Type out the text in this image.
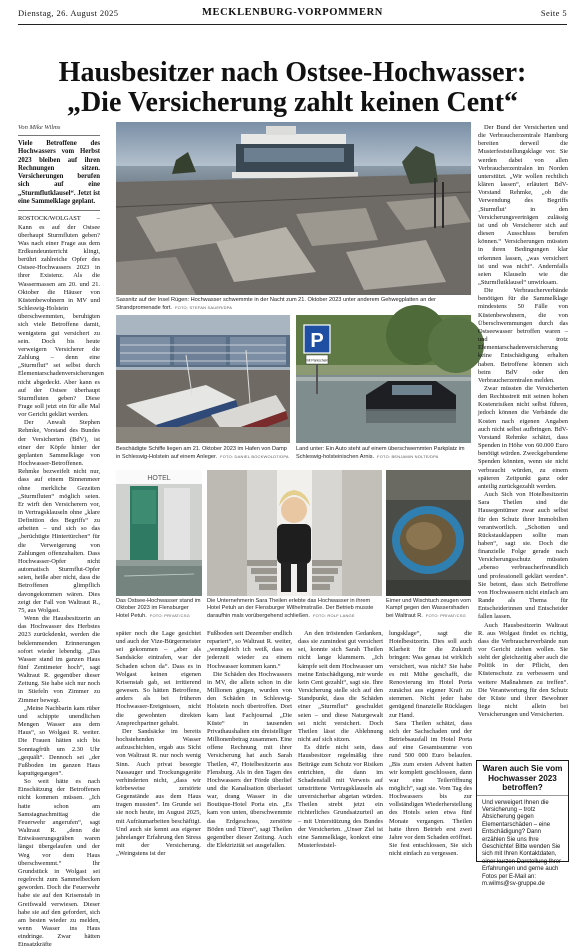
Dienstag, 26. August 2025	MECKLENBURG-VORPOMMERN	Seite 5
Hausbesitzer nach Ostsee-Hochwasser:
„Die Versicherung zahlt keinen Cent“
Von Mike Wilms
Viele Betroffene des Hochwassers vom Herbst 2023 bleiben auf ihren Rechnungen sitzen. Versicherungen berufen sich auf eine „Sturmflutklausel“. Jetzt ist eine Sammelklage geplant.

ROSTOCK/WOLGAST – Kann es auf der Ostsee überhaupt Sturmfluten geben? Was nach einer Frage aus dem Erdkundeunterricht klingt, berührt zahlreiche Opfer des Ostsee-Hochwassers 2023 in ihrer Existenz. Als die Wassermassen am 20. und 21. Oktober die Häuser von Küstenbewohnern in MV und Schleswig-Holstein überschwemmten, beruhigten sich viele Betroffene damit, wenigstens gut versichert zu sein. Doch bis heute verweigern Versicherer die Zahlung – denn eine „Sturmflut“ sei selbst durch Elementarschadenversicherungen nicht abgedeckt. Aber kann es auf der Ostsee überhaupt Sturmfluten geben? Diese Frage soll jetzt ein für alle Mal vor Gericht geklärt werden.

Der Anwalt Stephen Rehmke, Vorstand des Bundes der Versicherten (BdV), ist einer der Köpfe hinter der geplanten Sammelklage von Hochwasser-Betroffenen. Rehmke bezweifelt nicht nur, dass auf einem Binnenmeer ohne merkliche Gezeiten „Sturmfluten“ möglich seien. Er wirft den Versicherern vor, in Vertragsklauseln ohne „klare Definition des Begriffs“ zu arbeiten – und sich so das „berüchtigte Hintertürchen“ für die Verweigerung von Zahlungen offenzuhalten. Dass Hochwasser-Opfer nicht automatisch Sturmflut-Opfer seien, heiße aber nicht, dass die Betroffenen glimpflich davongekommen wären. Dies zeigt der Fall von Waltraut R., 75, aus Wolgast.

Wenn die Hausbesitzerin an das Hochwasser des Herbstes 2023 zurückdenkt, werden die beklemmenden Erinnerungen sofort wieder lebendig. „Das Wasser stand im ganzen Haus fünf Zentimeter hoch“, sagt Waltraut R. gegenüber dieser Zeitung. Sie habe sich nur noch in Stiefeln von Zimmer zu Zimmer bewegt.

„Meine Nachbarin kam rüber und schippte unendlichen Mengen Wasser aus dem Haus“, so Wolgast R. weiter. Die Frauen hätten sich bis Sonntagfrüh um 2.30 Uhr „gequält“. Dennoch sei „der Fußboden im ganzen Haus kaputtgegangen“.

So weit hätte es nach Einschätzung der Betroffenen nicht kommen müssen. „Ich hatte schon am Samstagnachmittag die Feuerwehr angerufen“, sagt Waltraut R. „denn die Entwässerungsgräben waren längst übergelaufen und der Weg vor dem Haus überschwemmt.“ Ihr Grundstück in Wolgast sei regelrecht zum Sammelbecken geworden. Doch die Feuerwehr habe sie auf den Krisenstab in Greifswald verwiesen. Dieser habe sie auf den gefordert, sich am besten wieder zu melden, wenn Wasser ins Haus eindringe. Zwar hätten Einsatzkräfte

Sassnitz auf der Insel Rügen: Hochwasser schwemmte in der Nacht zum 21. Oktober 2023 unter anderem Gehwegplatten an der Strandpromenade fort. FOTO: STEFAN SAUER/DPA
Beschädigte Schiffe liegen am 21. Oktober 2023 im Hafen von Damp in Schleswig-Holstein auf einem Anleger. FOTO: DANIEL BOCKWOLDT/DPA
P
mit Parkschein
Land unter: Ein Auto steht auf einem überschwemmten Parkplatz im Schleswig-holsteinischen Arnis. FOTO: BENJAMIN NOLTE/DPA
HOTEL
Das Ostsee-Hochwasser stand im Oktober 2023 im Flensburger Hotel Petuh. FOTO: PRIVAT/CSG
Die Unternehmerin Sara Theilen erlebte das Hochwasser in ihrem Hotel Petuh an der Flensburger Wilhelmstraße. Der Betrieb musste daraufhin mals vorübergehend schließen. FOTO: ROLF LANGE
Eimer und Wischtuch zeugen vom Kampf gegen den Wassershaden bei Waltraut R. FOTO: PRIVAT/CSG

später noch die Lage gesichtet und auch der Vize-Bürgermeister sei gekommen – „aber als Sandsäcke eintrafen, war der Schaden schon da“. Dass es in Wolgast keinen eigenen Krisenstab gab, sei irritierend gewesen. So hätten Betroffene, anders als bei früheren Hochwasser-Ereignissen, nicht die gewohnten direkten Ansprechpartner gehabt.

Der Sandsäcke im bereits hochstehenden Wasser aufzuschichten, ergab aus Sicht von Waltraut R. nur noch wenig Sinn. Auch privat besorgte Nassauger und Trockungsgeräte verhinderten nicht, „dass wir körbeweise zerstörte Gegenstände aus dem Haus tragen mussten“. Im Grunde sei sie noch heute, im August 2025, mit Aufräumarbeiten beschäftigt. Und auch sie kennt aus eigener jahrelanger Erfahrung den Stress mit der Versicherung. „Weingstens ist der

Fußboden seit Dezember endlich repariert“, so Waltraut R. weiter, „wenngleich ich weiß, dass es jederzeit wieder zu einem Hochwasser kommen kann.“

Die Schäden des Hochwassers in MV, die allein schon in die Millionen gingen, wurden von den Schäden in Schleswig-Holstein noch übertroffen. Dort kam laut Fachjournal „Die Küste“ in tausenden Privathaushalten ein dreistelliger Millionenbetrag zusammen. Eine offene Rechnung mit ihrer Versicherung hat auch Sarah Theilen, 47, Hotelbesitzerin aus Flensburg. Als in den Tagen des Hochwassers der Förde überlief und die Kanalisation überlastet war, drang Wasser in die Boutique-Hotel Porta ein. „Es kam von unten, überschwemmte das Erdgeschoss, zerstörte Böden und Türen“, sagt Theilen gegenüber dieser Zeitung. Auch die Elektrizität sei ausgefallen.

An den tröstenden Gedanken, dass sie zumindest gut versichert sei, konnte sich Sarah Theilen nicht lange klammern. „Ich kämpfe seit dem Hochwasser um meine Entschädigung, mir wurde kein Cent gezahlt“, sagt sie. Ihre Versicherung stelle sich auf den Standpunkt, dass die Schäden einer „Sturmflut“ geschuldet seien – und diese Naturgewalt sei nicht versichert. Doch Theilen lässt die Ablehnung nicht auf sich sitzen.

Es dürfe nicht sein, dass Hausbesitzer regelmäßig ihre Beiträge zum Schutz vor Risiken entrichten, die dann im Schadensfall mit Verweis auf umstrittene Vertragsklauseln als unversicherbar abgetan würden. Theilen strebt jetzt ein richterliches Grundsatzurteil an – mit Unterstützung des Bundes der Versicherten. „Unser Ziel ist eine Sammelklage, konkret eine Musterfeststel-

lungsklage“, sagt die Hotelbesitzerin. Dies soll auch Klarheit für die Zukunft bringen: Was genau ist wirklich versichert, was nicht? Sie habe es mit Mühe geschafft, die Renovierung im Hotel Porta zunächst aus eigener Kraft zu stemmen. Nicht jeder habe genügend finanzielle Rücklagen zur Hand.

Sara Theilen schätzt, dass sich der Sachschaden und der Betriebsausfall im Hotel Porta auf eine Gesamtsumme von rund 500 000 Euro belaufen. „Bis zum ersten Advent hatten wir komplett geschlossen, dann war eine Teileröffnung möglich“, sagt sie. Vom Tag des Hochwassers bis zur vollständigen Wiederherstellung des Hotels seien etwa fünf Monate vergangen. Theilen hatte ihren Betrieb erst zwei Jahre vor dem Schaden eröffnet. Sie fest entschlossen, Sie sich nicht einfach zu vergessen.

Der Bund der Versicherten und die Verbraucherzentrale Hamburg bereiten derweil die Musterfeststellungsklage vor. Sie werden dabei von allen Verbraucherzentralen im Norden unterstützt. „Wir wollen rechtlich klären lassen“, erläutert BdV-Vorstand Rehmke, „ob die Verwendung des Begriffs ‚Sturmflut‘ in den Versicherungsverträgen zulässig ist und ob Versicherer sich auf diesen Ausschluss berufen können.“ Versicherungen müssten in ihren Bedingungen klar erkennen lassen, „was versichert ist und was nicht“. Andernfalls seien Klauseln wie die „Sturmflutklausel“ unwirksam.

Die Verbraucherverbände benötigen für die Sammelklage mindestens 50 Fälle von Küstenbewohnern, die von Überschwemmungen durch das Ostseewasser betroffen waren – und trotz Elementarschadenversicherung keine Entschädigung erhalten haben. Betroffene können sich beim BdV oder den Verbraucherzentralen melden.

Zwar müssten die Versicherten den Rechtsstreit mit seinen hohen Kostenrisiken nicht selbst führen, jedoch können die Verbände die Kosten nach eigenen Angaben auch nicht selbst aufbringen. BdV-Vorstand Rehmke schätzt, dass Spenden in Höhe von 60.000 Euro benötigt würden. Zweckgebundene Spenden könnten, wenn sie nicht verbraucht würden, zu einem späteren Zeitpunkt ganz oder anteilig zurückgezahlt werden.

Auch Sich von Hotelbesitzerin Sara Theilen sind die Hausegentümer zwar auch selbst für den Schutz ihrer Immobilien verantwortlich. „Schotten und Rückstauklappen sollte man haben“, sagt sie. Doch die finanzielle Folge gerade nach Versicherungsschutz müssten „ebenso verbraucherfreundlich und professionell geklärt werden“. Sie betont, dass sich Betroffene von Hochwassern nicht einfach am Rande als Thema für Entscheiderinnen und Entscheider fallen lassen.

Auch Hausbesitzerin Waltraut R. aus Wolgast findet es richtig, dass die Verbraucherverbände nun vor Gericht ziehen wollen. Sie sieht der gleichzeitig aber auch die Politik in der Pflicht, den Küstenschutz zu verbessern und weitere Maßnahmen zu treffen“. Die Verantwortung für den Schutz der Küste und ihrer Bewohner liege nicht allein bei Versicherungen und Versicherten.

Waren auch Sie vom Hochwasser 2023 betroffen?
Und verweigert Ihnen die Versicherung – trotz Absicherung gegen Elementarschäden – eine Entschädigung? Dann erzählen Sie uns Ihre Geschichte! Bitte wenden Sie sich mit Ihren Kontaktdaten, einer kurzen Darstellung Ihrer Erfahrungen und gerne auch Fotos per E-Mail an: m.wilms@sv-gruppe.de
